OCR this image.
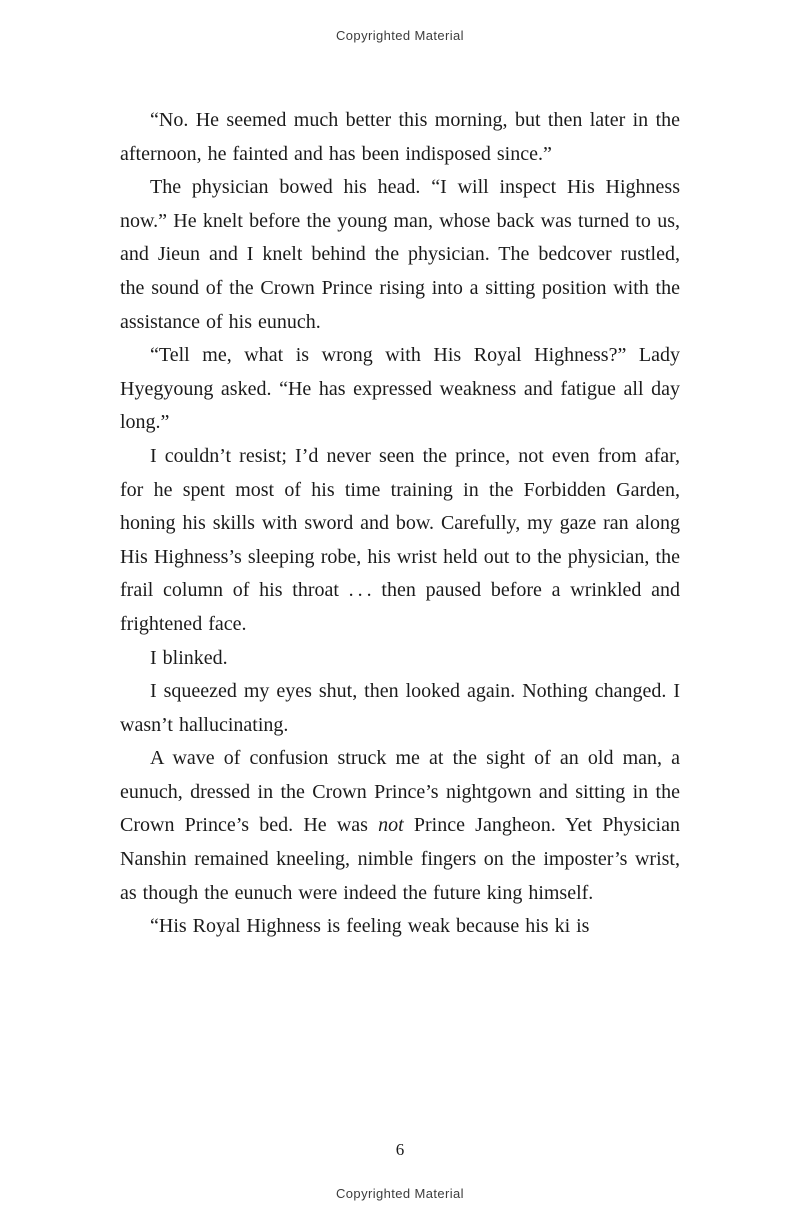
Copyrighted Material

“No. He seemed much better this morning, but then later in the afternoon, he fainted and has been indisposed since.”

The physician bowed his head. “I will inspect His Highness now.” He knelt before the young man, whose back was turned to us, and Jieun and I knelt behind the physician. The bedcover rustled, the sound of the Crown Prince rising into a sitting position with the assistance of his eunuch.

“Tell me, what is wrong with His Royal Highness?” Lady Hyegyoung asked. “He has expressed weakness and fatigue all day long.”

I couldn’t resist; I’d never seen the prince, not even from afar, for he spent most of his time training in the Forbidden Garden, honing his skills with sword and bow. Carefully, my gaze ran along His Highness’s sleeping robe, his wrist held out to the physician, the frail column of his throat . . . then paused before a wrinkled and frightened face.

I blinked.

I squeezed my eyes shut, then looked again. Nothing changed. I wasn’t hallucinating.

A wave of confusion struck me at the sight of an old man, a eunuch, dressed in the Crown Prince’s nightgown and sitting in the Crown Prince’s bed. He was not Prince Jangheon. Yet Physician Nanshin remained kneeling, nimble fingers on the imposter’s wrist, as though the eunuch were indeed the future king himself.

“His Royal Highness is feeling weak because his ki is

6
Copyrighted Material
